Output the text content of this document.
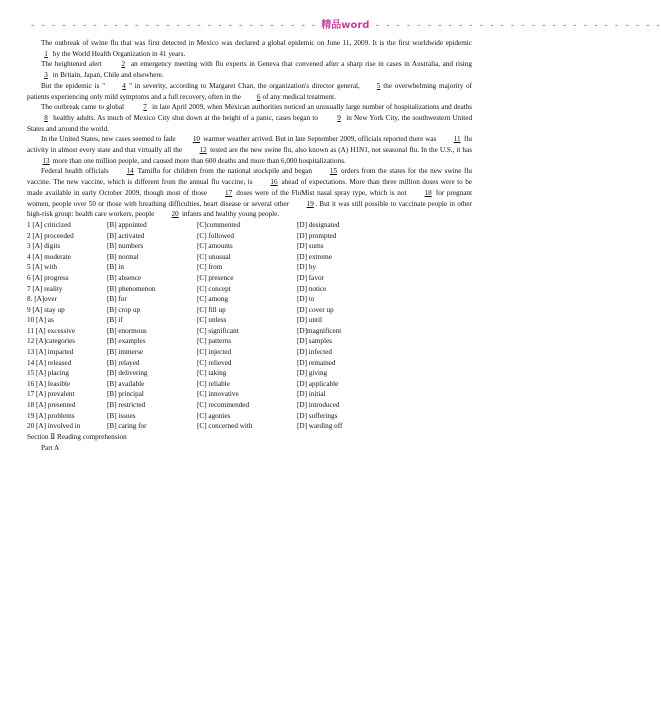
- - - - - - - - - - - - - - - - - - - - - - - - - - - - 精品word - - - - - - - - - - - - - - - - - - - - - - - - - - - -

The outbreak of swine flu that was first detected in Mexico was declared a global epidemic on June 11, 2009. It is the first worldwide epidemic 1 by the World Health Organization in 41 years.

The heightened alert	2 an emergency meeting with flu experts in Geneva that convened after a sharp rise in cases in Australia, and rising 3 in Britain, Japan, Chile and elsewhere.

But the epidemic is " 4 " in severity, according to Margaret Chan, the organization's director general, 5 the overwhelming majority of patients experiencing only mild symptoms and a full recovery, often in the 6 of any medical treatment.

The outbreak came to global	7 in late April 2009, when Mexican authorities noticed an unusually large number of hospitalizations and deaths 8 healthy adults. As much of Mexico City shut down at the height of a panic, cases began to	9 in New York City, the southwestern United States and around the world.

In the United States, new cases seemed to fade 10 warmer weather arrived. But in late September 2009, officials reported there was 11 flu activity in almost every state and that virtually all the 12 tested are the new swine flu, also known as (A) H1N1, not seasonal flu. In the U.S., it has 13 more than one million people, and caused more than 600 deaths and more than 6,000 hospitalizations.

Federal health officials 14 Tamiflu for children from the national stockpile and began 15 orders from the states for the new swine flu vaccine. The new vaccine, which is different from the annual flu vaccine, is 16 ahead of expectations. More than three million doses were to be made available in early October 2009, though most of those	17 doses were of the FluMist nasal spray type, which is not	18 for pregnant women, people over 50 or those with breathing difficulties, heart disease or several other 19. But it was still possible to vaccinate people in other high-risk group: health care workers, people 20 infants and healthy young people.

1 [A] criticized	[B] appointed	[C]commented	[D] designated
2 [A] proceeded	[B] activated	[C] followed	[D] prompted
3 [A] digits	[B] numbers	[C] amounts	[D] sums
4 [A] moderate	[B] normal	[C] unusual	[D] extreme
5 [A] with	[B] in	[C] from	[D] by
6 [A] progress	[B] absence	[C] presence	[D] favor
7 [A] reality	[B] phenomenon	[C] concept	[D] notice
8. [A]over	[B] for	[C] among	[D] to
9 [A] stay up	[B] crop up	[C] fill up	[D] cover up
10 [A] as	[B] if	[C] unless	[D] until
11 [A] excessive	[B] enormous	[C] significant	[D]magnificent
12 [A]categories	[B] examples	[C] patterns	[D] samples
13 [A] imparted	[B] immerse	[C] injected	[D] infected
14 [A] released	[B] relayed	[C] relieved	[D] remained
15 [A] placing	[B] delivering	[C] taking	[D] giving
16 [A] feasible	[B] available	[C] reliable	[D] applicable
17 [A] prevalent	[B] principal	[C] innovative	[D] initial
18 [A] presented	[B] restricted	[C] recommended	[D] introduced
19 [A] problems	[B] issues	[C] agonies	[D] sufferings
20 [A] involved in	[B] caring for	[C] concerned with	[D] warding off
Section Ⅱ Reading comprehension
Part A
